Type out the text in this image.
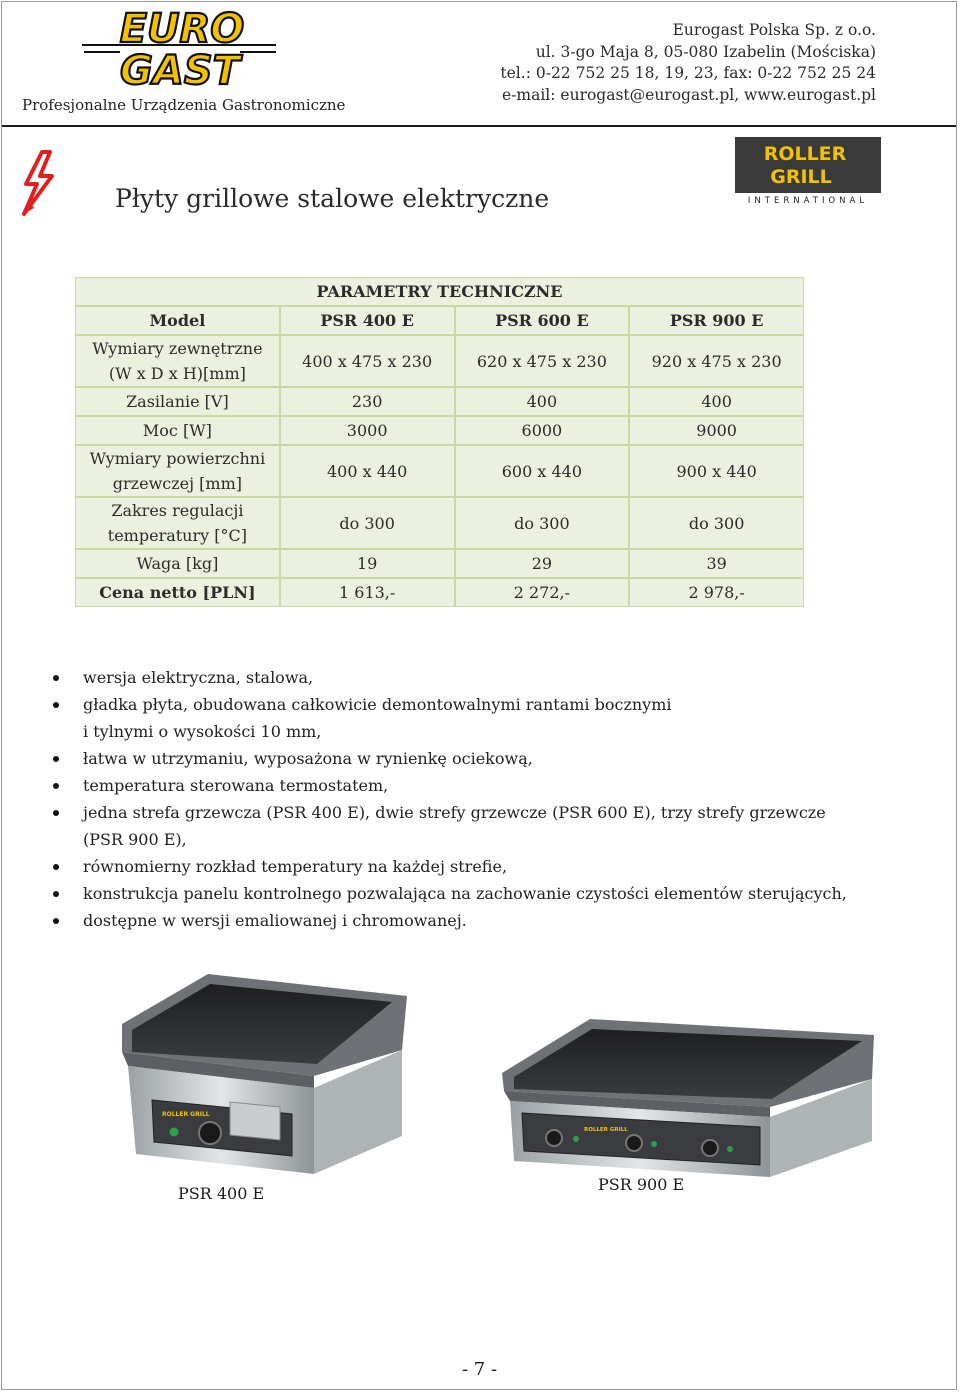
EURO
GAST
Profesjonalne Urządzenia Gastronomiczne
Eurogast Polska Sp. z o.o.
ul. 3-go Maja 8, 05-080 Izabelin (Mościska)
tel.: 0-22 752 25 18, 19, 23, fax: 0-22 752 25 24
e-mail: eurogast@eurogast.pl, www.eurogast.pl
ROLLER
GRILL
INTERNATIONAL
Płyty grillowe stalowe elektryczne
PARAMETRY TECHNICZNE			
Model	PSR 400 E	PSR 600 E	PSR 900 E
Wymiary zewnętrzne
(W x D x H)[mm]	400 x 475 x 230	620 x 475 x 230	920 x 475 x 230
Zasilanie [V]	230	400	400
Moc [W]	3000	6000	9000
Wymiary powierzchni
grzewczej [mm]	400 x 440	600 x 440	900 x 440
Zakres regulacji
temperatury [°C]	do 300	do 300	do 300
Waga [kg]	19	29	39
Cena netto [PLN]	1 613,-	2 272,-	2 978,-
wersja elektryczna, stalowa,
gładka płyta, obudowana całkowicie demontowalnymi rantami bocznymi
i tylnymi o wysokości 10 mm,
łatwa w utrzymaniu, wyposażona w rynienkę ociekową,
temperatura sterowana termostatem,
jedna strefa grzewcza (PSR 400 E), dwie strefy grzewcze (PSR 600 E), trzy strefy grzewcze
(PSR 900 E),
równomierny rozkład temperatury na każdej strefie,
konstrukcja panelu kontrolnego pozwalająca na zachowanie czystości elementów sterujących,
dostępne w wersji emaliowanej i chromowanej.
ROLLER GRILL
PSR 400 E
ROLLER GRILL
PSR 900 E
- 7 -
